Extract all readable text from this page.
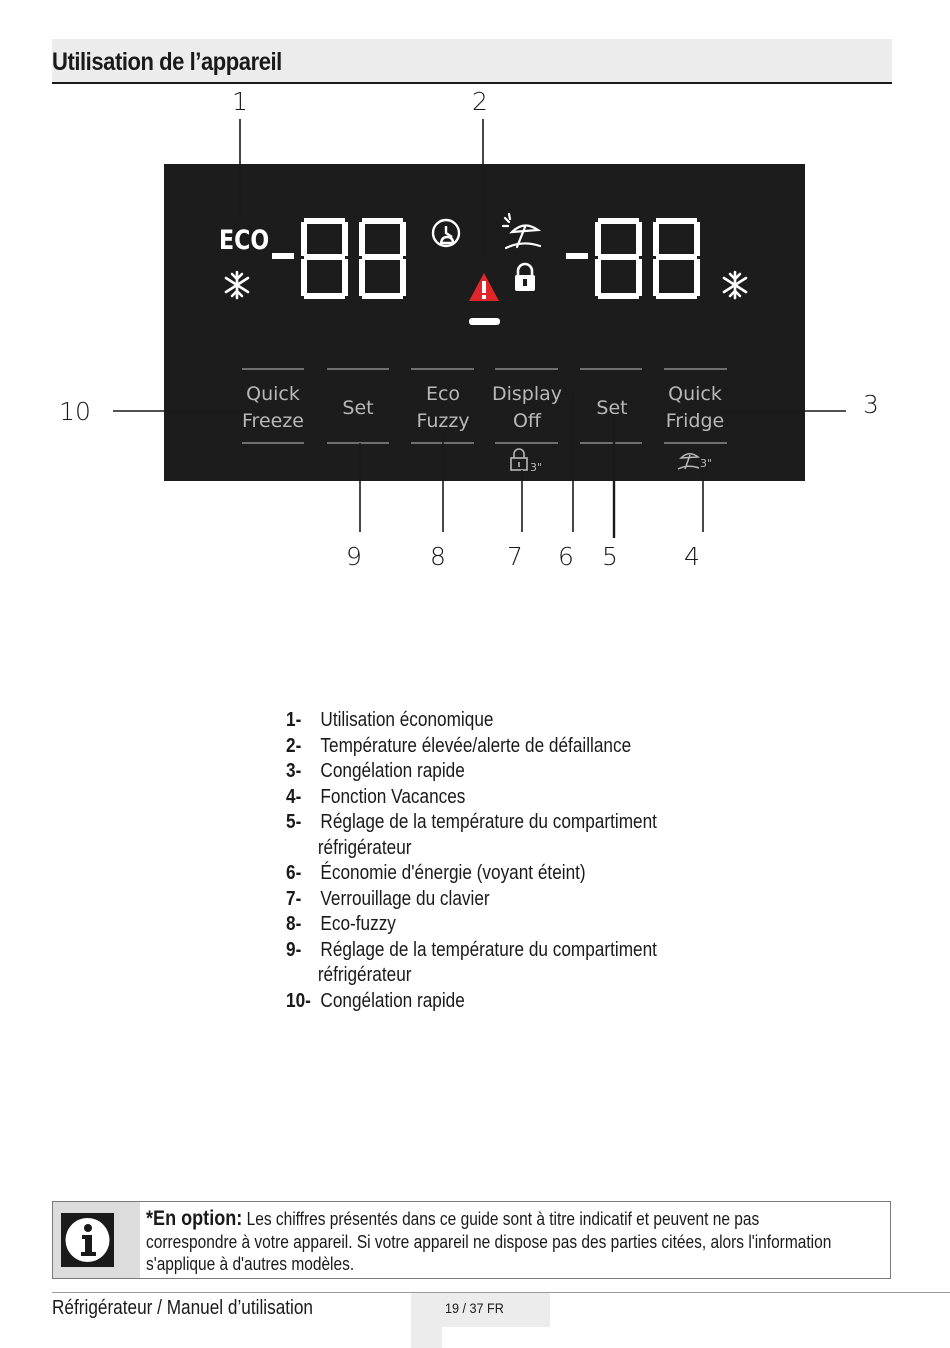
Utilisation de l’appareil
ECO
Quick
Freeze
Set
Eco
Fuzzy
Display
Off
Set
Quick
Fridge
3"	3"
1	2
3
4
5
6
7
8
9
10
1- Utilisation économique
2- Température élevée/alerte de défaillance
3- Congélation rapide
4- Fonction Vacances
5- Réglage de la température du compartiment
réfrigérateur
6- Économie d'énergie (voyant éteint)
7- Verrouillage du clavier
8- Eco-fuzzy
9- Réglage de la température du compartiment
réfrigérateur
10- Congélation rapide
*En option: Les chiffres présentés dans ce guide sont à titre indicatif et peuvent ne pas correspondre à votre appareil. Si votre appareil ne dispose pas des parties citées, alors l'information s'applique à d'autres modèles.
Réfrigérateur / Manuel d’utilisation	19 / 37 FR
